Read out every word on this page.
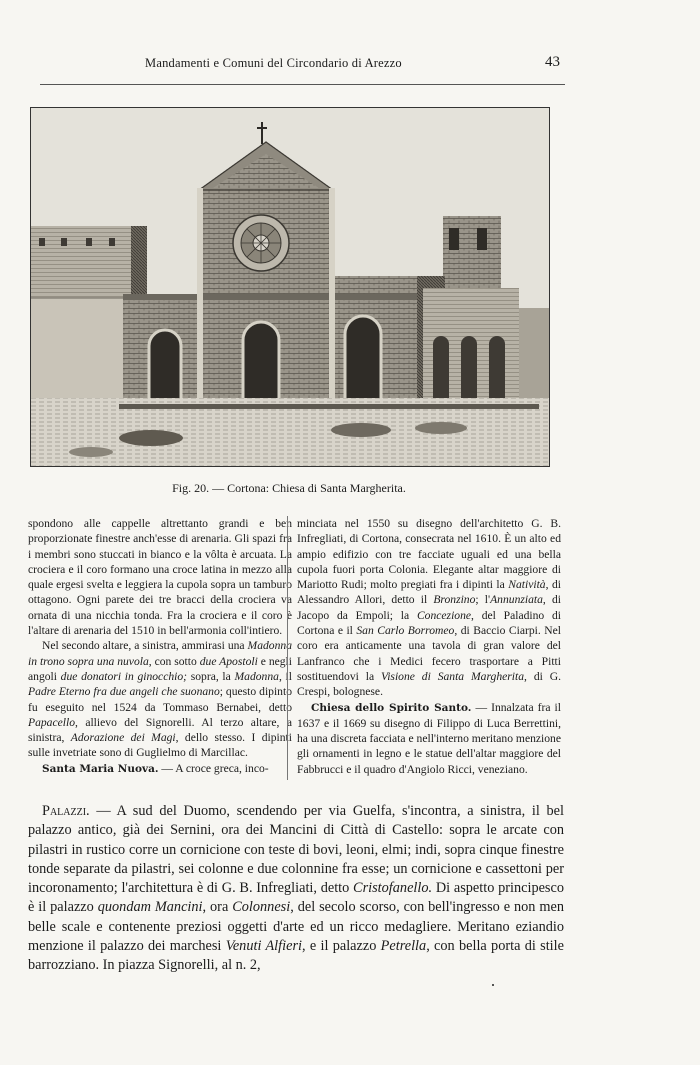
Mandamenti e Comuni del Circondario di Arezzo	43
Fig. 20. — Cortona: Chiesa di Santa Margherita.

spondono alle cappelle altrettanto grandi e ben proporzionate finestre anch'esse di arenaria. Gli spazi fra i membri sono stuccati in bianco e la vôlta è arcuata. La crociera e il coro formano una croce latina in mezzo alla quale ergesi svelta e leggiera la cupola sopra un tamburo ottagono. Ogni parete dei tre bracci della crociera va ornata di una nicchia tonda. Fra la crociera e il coro è l'altare di arenaria del 1510 in bell'armonia coll'intiero.

Nel secondo altare, a sinistra, ammirasi una Madonna in trono sopra una nuvola, con sotto due Apostoli e negli angoli due donatori in ginocchio; sopra, la Madonna, il Padre Eterno fra due angeli che suonano; questo dipinto fu eseguito nel 1524 da Tommaso Bernabei, detto Papacello, allievo del Signorelli. Al terzo altare, a sinistra, Adorazione dei Magi, dello stesso. I dipinti sulle invetriate sono di Guglielmo di Marcillac.

Santa Maria Nuova. — A croce greca, inco-

minciata nel 1550 su disegno dell'architetto G. B. Infregliati, di Cortona, consecrata nel 1610. È un alto ed ampio edifizio con tre facciate uguali ed una bella cupola fuori porta Colonia. Elegante altar maggiore di Mariotto Rudi; molto pregiati fra i dipinti la Natività, di Alessandro Allori, detto il Bronzino; l'Annunziata, di Jacopo da Empoli; la Concezione, del Paladino di Cortona e il San Carlo Borromeo, di Baccio Ciarpi. Nel coro era anticamente una tavola di gran valore del Lanfranco che i Medici fecero trasportare a Pitti sostituendovi la Visione di Santa Margherita, di G. Crespi, bolognese.

Chiesa dello Spirito Santo. — Innalzata fra il 1637 e il 1669 su disegno di Filippo di Luca Berrettini, ha una discreta facciata e nell'interno meritano menzione gli ornamenti in legno e le statue dell'altar maggiore del Fabbrucci e il quadro d'Angiolo Ricci, veneziano.

Palazzi. — A sud del Duomo, scendendo per via Guelfa, s'incontra, a sinistra, il bel palazzo antico, già dei Sernini, ora dei Mancini di Città di Castello: sopra le arcate con pilastri in rustico corre un cornicione con teste di bovi, leoni, elmi; indi, sopra cinque finestre tonde separate da pilastri, sei colonne e due colonnine fra esse; un cornicione e cassettoni per incoronamento; l'architettura è di G. B. Infregliati, detto Cristofanello. Di aspetto principesco è il palazzo quondam Mancini, ora Colonnesi, del secolo scorso, con bell'ingresso e non men belle scale e contenente preziosi oggetti d'arte ed un ricco medagliere. Meritano eziandio menzione il palazzo dei marchesi Venuti Alfieri, e il palazzo Petrella, con bella porta di stile barrozziano. In piazza Signorelli, al n. 2,
